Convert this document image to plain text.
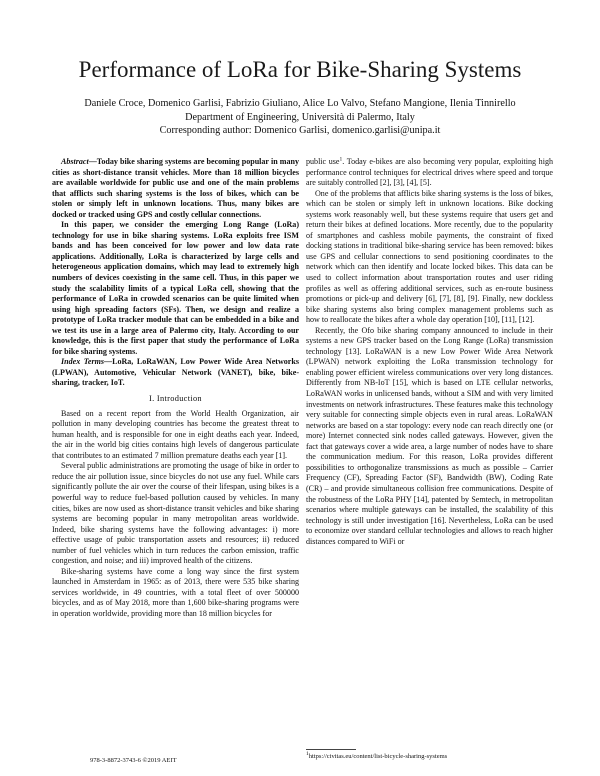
Performance of LoRa for Bike-Sharing Systems
Daniele Croce, Domenico Garlisi, Fabrizio Giuliano, Alice Lo Valvo, Stefano Mangione, Ilenia Tinnirello
Department of Engineering, Università di Palermo, Italy
Corresponding author: Domenico Garlisi, domenico.garlisi@unipa.it

Abstract—Today bike sharing systems are becoming popular in many cities as short-distance transit vehicles. More than 18 million bicycles are available worldwide for public use and one of the main problems that afflicts such sharing systems is the loss of bikes, which can be stolen or simply left in unknown locations. Thus, many bikes are docked or tracked using GPS and costly cellular connections.

In this paper, we consider the emerging Long Range (LoRa) technology for use in bike sharing systems. LoRa exploits free ISM bands and has been conceived for low power and low data rate applications. Additionally, LoRa is characterized by large cells and heterogeneous application domains, which may lead to extremely high numbers of devices coexisting in the same cell. Thus, in this paper we study the scalability limits of a typical LoRa cell, showing that the performance of LoRa in crowded scenarios can be quite limited when using high spreading factors (SFs). Then, we design and realize a prototype of LoRa tracker module that can be embedded in a bike and we test its use in a large area of Palermo city, Italy. According to our knowledge, this is the first paper that study the performance of LoRa for bike sharing systems.

Index Terms—LoRa, LoRaWAN, Low Power Wide Area Networks (LPWAN), Automotive, Vehicular Network (VANET), bike, bike-sharing, tracker, IoT.

I. Introduction

Based on a recent report from the World Health Organization, air pollution in many developing countries has become the greatest threat to human health, and is responsible for one in eight deaths each year. Indeed, the air in the world big cities contains high levels of dangerous particulate that contributes to an estimated 7 million premature deaths each year [1].

Several public administrations are promoting the usage of bike in order to reduce the air pollution issue, since bicycles do not use any fuel. While cars significantly pollute the air over the course of their lifespan, using bikes is a powerful way to reduce fuel-based pollution caused by vehicles. In many cities, bikes are now used as short-distance transit vehicles and bike sharing systems are becoming popular in many metropolitan areas worldwide. Indeed, bike sharing systems have the following advantages: i) more effective usage of pubic transportation assets and resources; ii) reduced number of fuel vehicles which in turn reduces the carbon emission, traffic congestion, and noise; and iii) improved health of the citizens.

Bike-sharing systems have come a long way since the first system launched in Amsterdam in 1965: as of 2013, there were 535 bike sharing services worldwide, in 49 countries, with a total fleet of over 500000 bicycles, and as of May 2018, more than 1,600 bike-sharing programs were in operation worldwide, providing more than 18 million bicycles for

public use$^1$. Today e-bikes are also becoming very popular, exploiting high performance control techniques for electrical drives where speed and torque are suitably controlled [2], [3], [4], [5].

One of the problems that afflicts bike sharing systems is the loss of bikes, which can be stolen or simply left in unknown locations. Bike docking systems work reasonably well, but these systems require that users get and return their bikes at defined locations. More recently, due to the popularity of smartphones and cashless mobile payments, the constraint of fixed docking stations in traditional bike-sharing service has been removed: bikes use GPS and cellular connections to send positioning coordinates to the network which can then identify and locate locked bikes. This data can be used to collect information about transportation routes and user riding profiles as well as offering additional services, such as en-route business promotions or pick-up and delivery [6], [7], [8], [9]. Finally, new dockless bike sharing systems also bring complex management problems such as how to reallocate the bikes after a whole day operation [10], [11], [12].

Recently, the Ofo bike sharing company announced to include in their systems a new GPS tracker based on the Long Range (LoRa) transmission technology [13]. LoRaWAN is a new Low Power Wide Area Network (LPWAN) network exploiting the LoRa transmission technology for enabling power efficient wireless communications over very long distances. Differently from NB-IoT [15], which is based on LTE cellular networks, LoRaWAN works in unlicensed bands, without a SIM and with very limited investments on network infrastructures. These features make this technology very suitable for connecting simple objects even in rural areas. LoRaWAN networks are based on a star topology: every node can reach directly one (or more) Internet connected sink nodes called gateways. However, given the fact that gateways cover a wide area, a large number of nodes have to share the communication medium. For this reason, LoRa provides different possibilities to orthogonalize transmissions as much as possible – Carrier Frequency (CF), Spreading Factor (SF), Bandwidth (BW), Coding Rate (CR) – and provide simultaneous collision free communications. Despite of the robustness of the LoRa PHY [14], patented by Semtech, in metropolitan scenarios where multiple gateways can be installed, the scalability of this technology is still under investigation [16]. Nevertheless, LoRa can be used to economize over standard cellular technologies and allows to reach higher distances compared to WiFi or

978-3-8872-3743-6 ©2019 AEIT
$^1$https://civitas.eu/content/list-bicycle-sharing-systems
